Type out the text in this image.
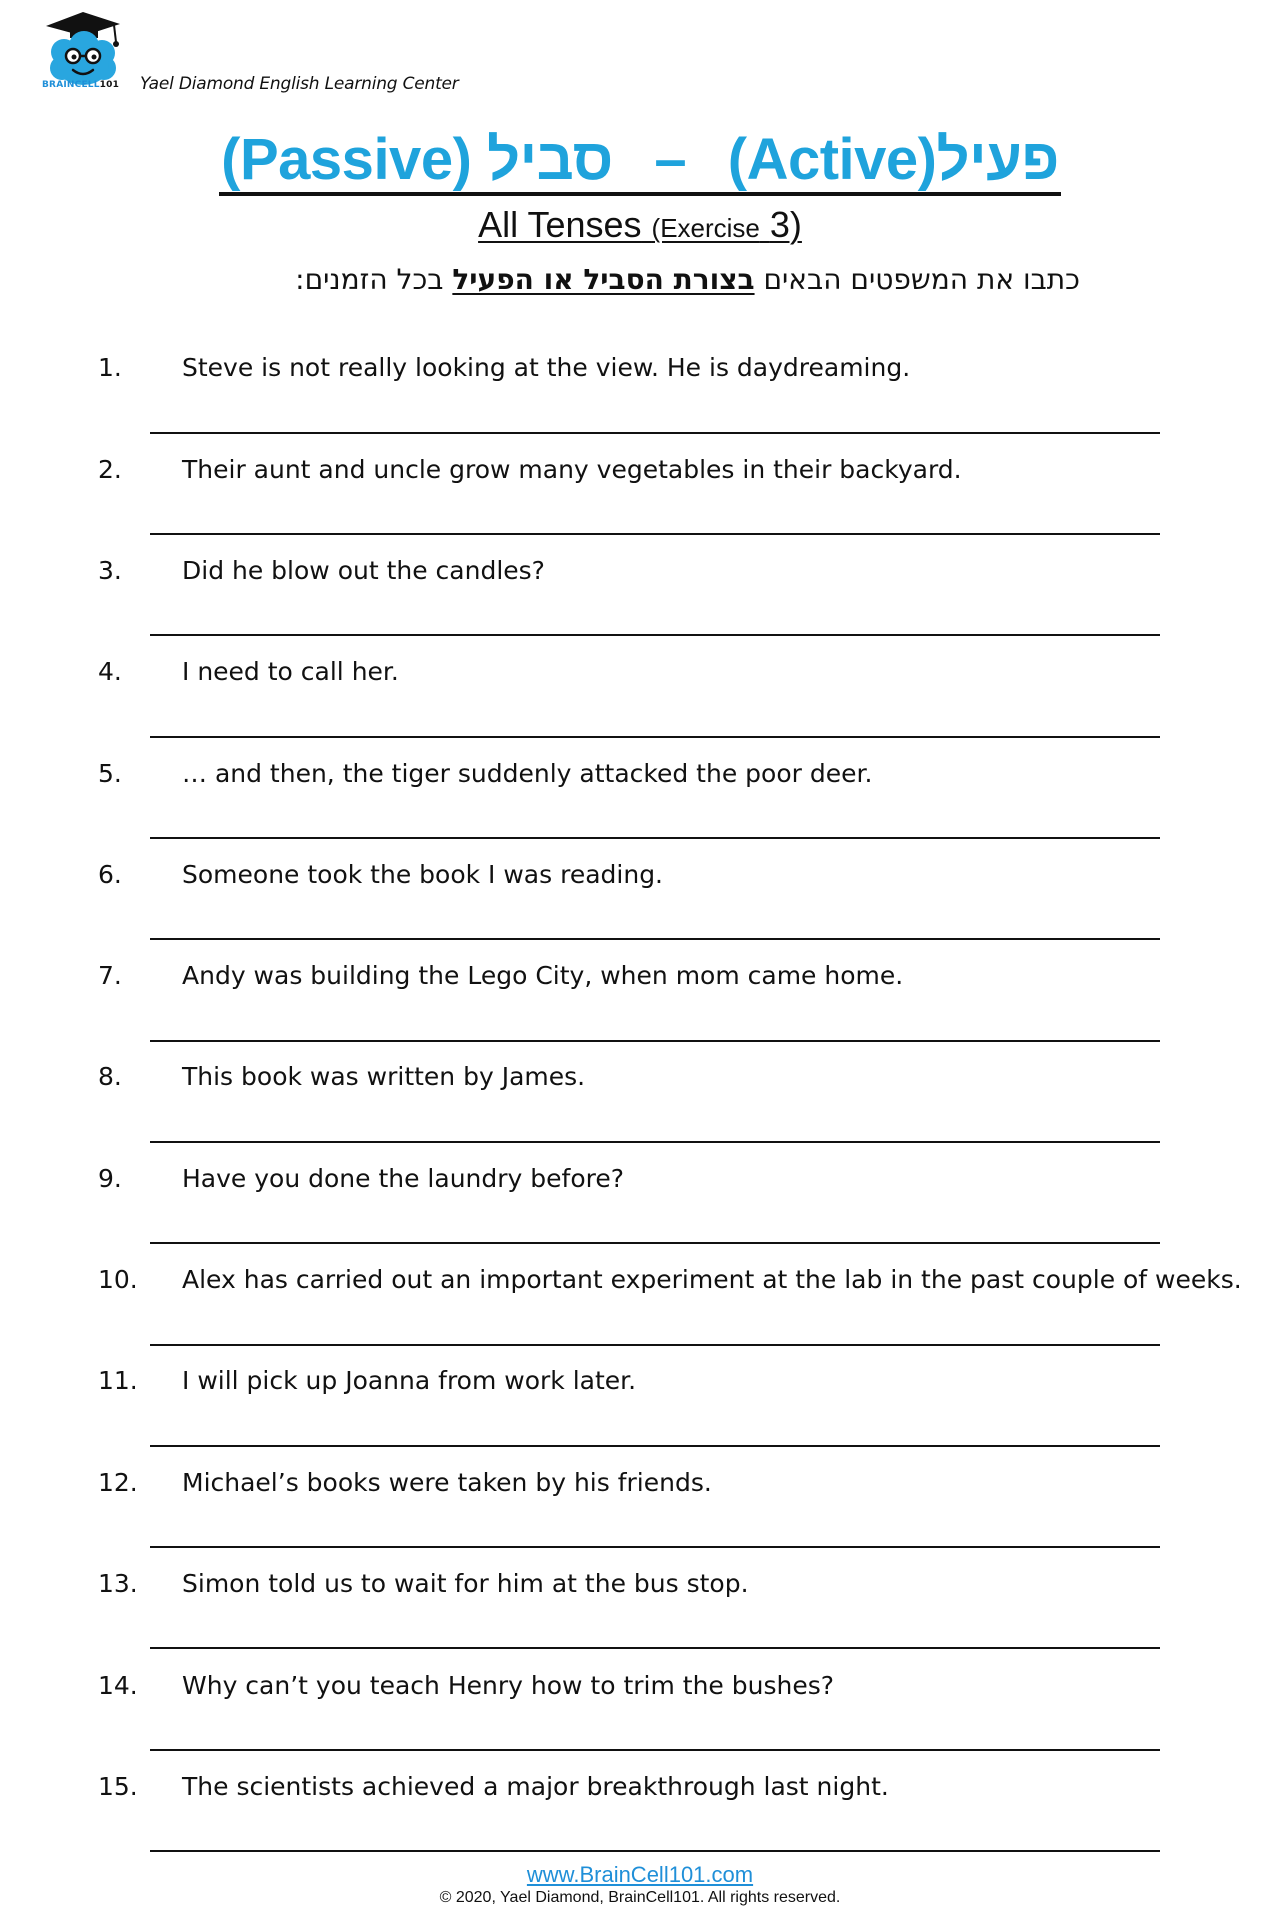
BRAINCELL101 Yael Diamond English Learning Center
(Passive) סביל – (Active)פעיל
All Tenses (Exercise 3)
כתבו את המשפטים הבאים בצורת הסביל או הפעיל בכל הזמנים:
1. Steve is not really looking at the view. He is daydreaming.
2. Their aunt and uncle grow many vegetables in their backyard.
3. Did he blow out the candles?
4. I need to call her.
5. … and then, the tiger suddenly attacked the poor deer.
6. Someone took the book I was reading.
7. Andy was building the Lego City, when mom came home.
8. This book was written by James.
9. Have you done the laundry before?
10. Alex has carried out an important experiment at the lab in the past couple of weeks.
11. I will pick up Joanna from work later.
12. Michael’s books were taken by his friends.
13. Simon told us to wait for him at the bus stop.
14. Why can’t you teach Henry how to trim the bushes?
15. The scientists achieved a major breakthrough last night.
www.BrainCell101.com
© 2020, Yael Diamond, BrainCell101. All rights reserved.
